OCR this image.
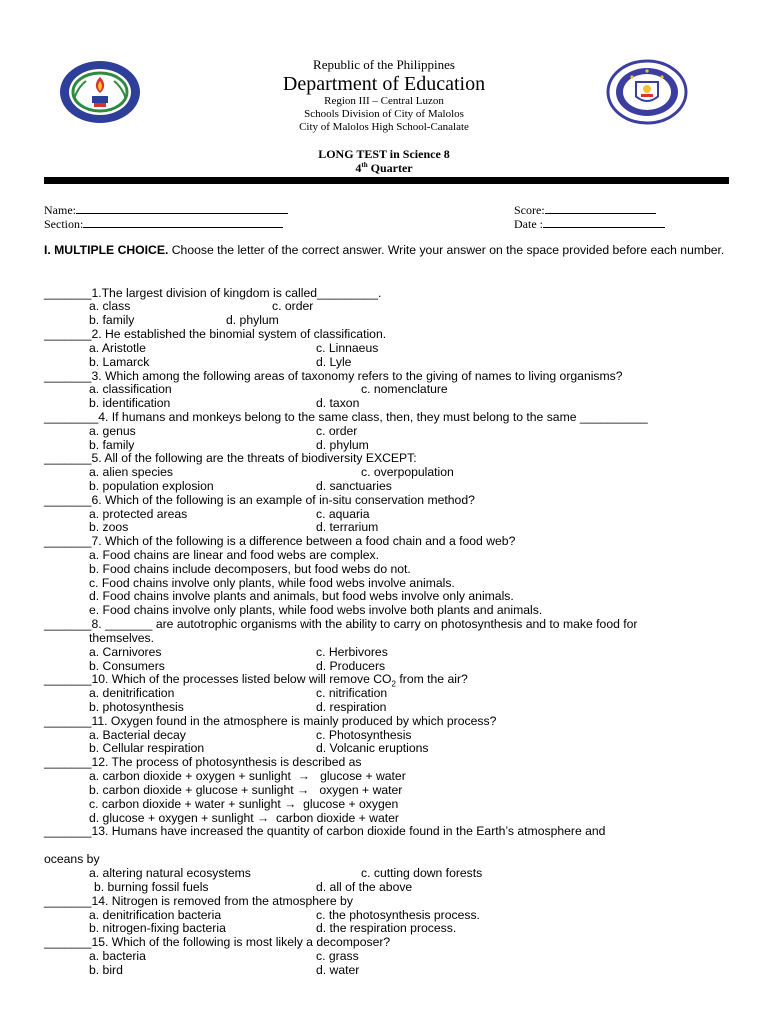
Republic of the Philippines
Department of Education
Region III – Central Luzon
Schools Division of City of Malolos
City of Malolos High School-Canalate
LONG TEST in Science 8
4th Quarter
Name:
Section:
Score:
Date :
I. MULTIPLE CHOICE. Choose the letter of the correct answer. Write your answer on the space provided before each number.
_______1.The largest division of kingdom is called_________.
a. class	c. order
b. family	d. phylum
_______2. He established the binomial system of classification.
a. Aristotle	c. Linnaeus
b. Lamarck	d. Lyle
_______3. Which among the following areas of taxonomy refers to the giving of names to living organisms?
a. classification	c. nomenclature
b. identification	d. taxon
________4. If humans and monkeys belong to the same class, then, they must belong to the same __________
a. genus	c. order
b. family	d. phylum
_______5. All of the following are the threats of biodiversity EXCEPT:
a. alien species	c. overpopulation
b. population explosion	d. sanctuaries
_______6. Which of the following is an example of in-situ conservation method?
a. protected areas	c. aquaria
b. zoos	d. terrarium
_______7. Which of the following is a difference between a food chain and a food web?
a. Food chains are linear and food webs are complex.
b. Food chains include decomposers, but food webs do not.
c. Food chains involve only plants, while food webs involve animals.
d. Food chains involve plants and animals, but food webs involve only animals.
e. Food chains involve only plants, while food webs involve both plants and animals.
_______8. _______ are autotrophic organisms with the ability to carry on photosynthesis and to make food for
themselves.
a. Carnivores	c. Herbivores
b. Consumers	d. Producers
_______10. Which of the processes listed below will remove $CO_2$ from the air?
a. denitrification	c. nitrification
b. photosynthesis	d. respiration
_______11. Oxygen found in the atmosphere is mainly produced by which process?
a. Bacterial decay	c. Photosynthesis
b. Cellular respiration	d. Volcanic eruptions
_______12. The process of photosynthesis is described as
a. carbon dioxide + oxygen + sunlight → glucose + water
b. carbon dioxide + glucose + sunlight → oxygen + water
c. carbon dioxide + water + sunlight → glucose + oxygen
d. glucose + oxygen + sunlight → carbon dioxide + water
_______13. Humans have increased the quantity of carbon dioxide found in the Earth’s atmosphere and
oceans by
a. altering natural ecosystems	c. cutting down forests
b. burning fossil fuels	d. all of the above
_______14. Nitrogen is removed from the atmosphere by
a. denitrification bacteria	c. the photosynthesis process.
b. nitrogen-fixing bacteria	d. the respiration process.
_______15. Which of the following is most likely a decomposer?
a. bacteria	c. grass
b. bird	d. water
